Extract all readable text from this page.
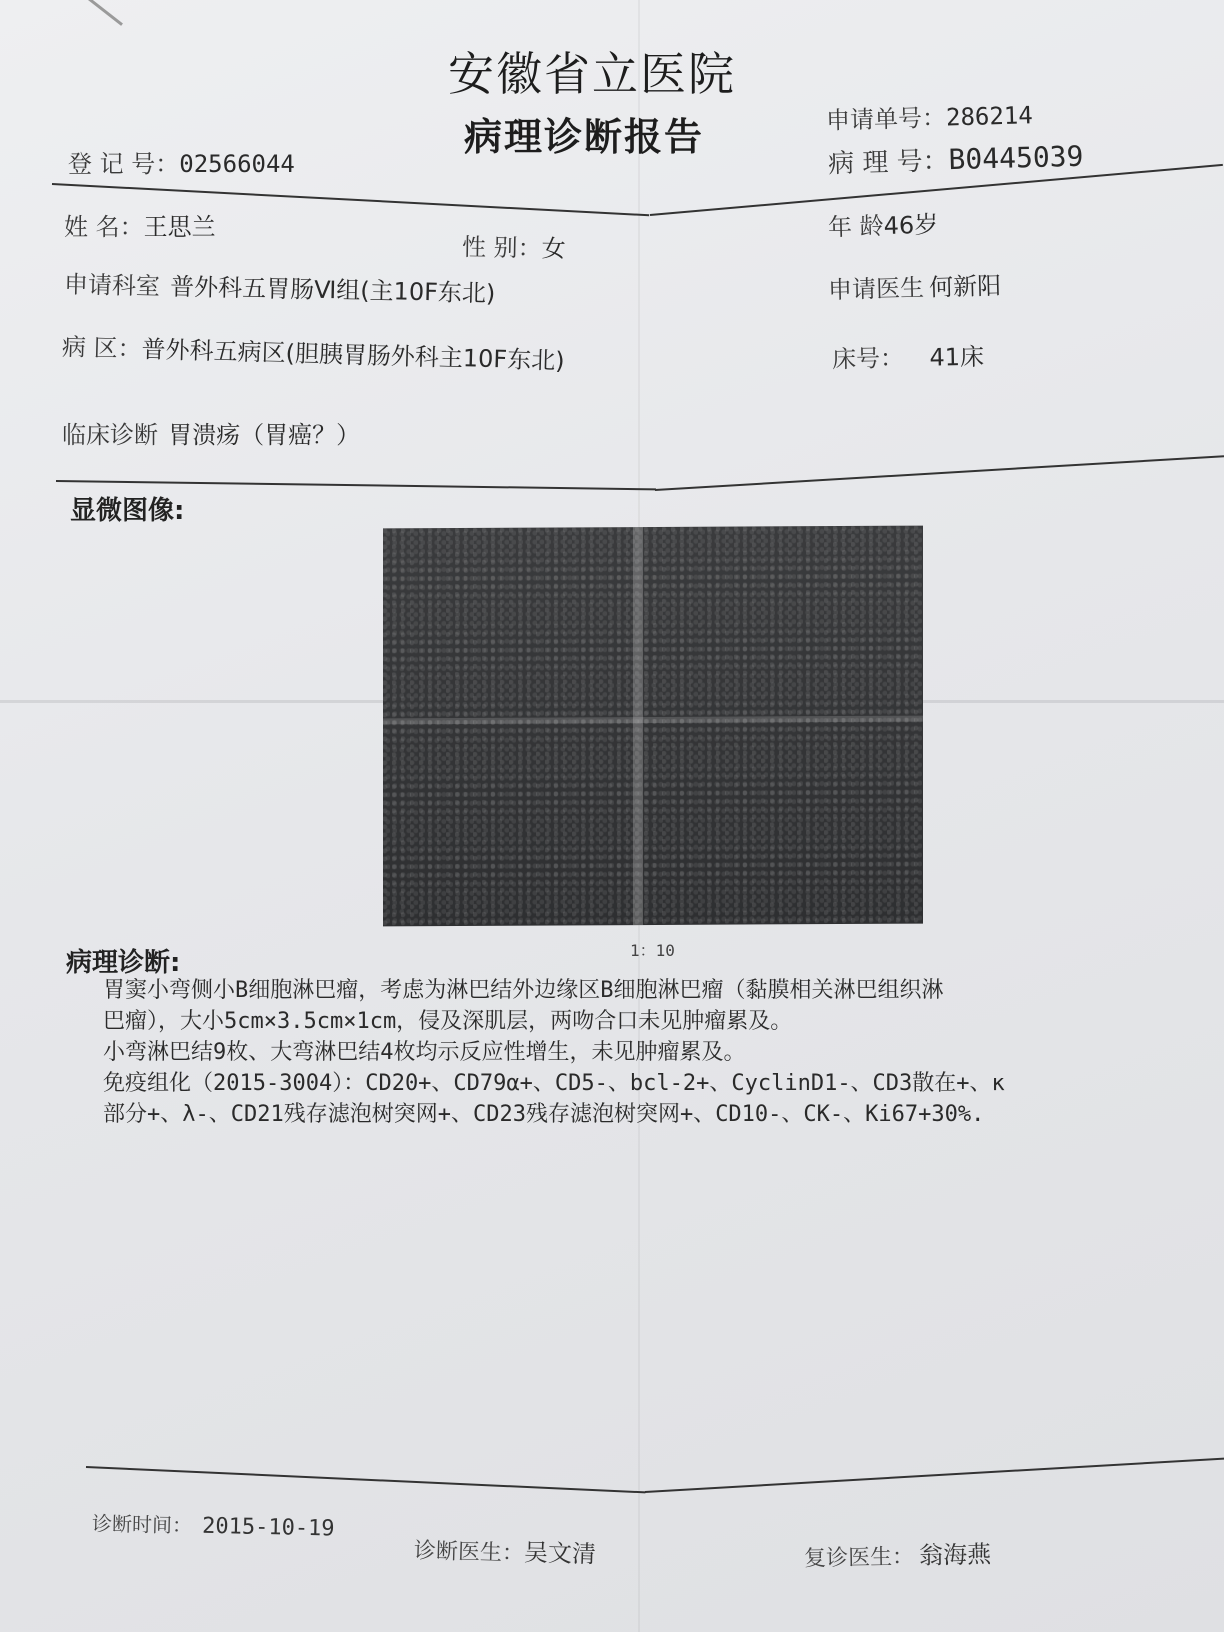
安徽省立医院
病理诊断报告	申请单号：286214
登 记 号：02566044	病 理 号：B0445039
姓 名：王思兰
性 别：女
年 龄46岁
申请科室 普外科五胃肠Ⅵ组(主10F东北)	申请医生 何新阳
病 区：普外科五病区(胆胰胃肠外科主10F东北)	床号： 41床
临床诊断 胃溃疡（胃癌？）
显微图像:
1：10
病理诊断:
胃窦小弯侧小B细胞淋巴瘤，考虑为淋巴结外边缘区B细胞淋巴瘤（黏膜相关淋巴组织淋
巴瘤），大小5cm×3.5cm×1cm，侵及深肌层，两吻合口未见肿瘤累及。
小弯淋巴结9枚、大弯淋巴结4枚均示反应性增生，未见肿瘤累及。
免疫组化（2015-3004）：CD20+、CD79α+、CD5-、bcl-2+、CyclinD1-、CD3散在+、κ
部分+、λ-、CD21残存滤泡树突网+、CD23残存滤泡树突网+、CD10-、CK-、Ki67+30%.
诊断时间： 2015-10-19
诊断医生：吴文清	复诊医生： 翁海燕
